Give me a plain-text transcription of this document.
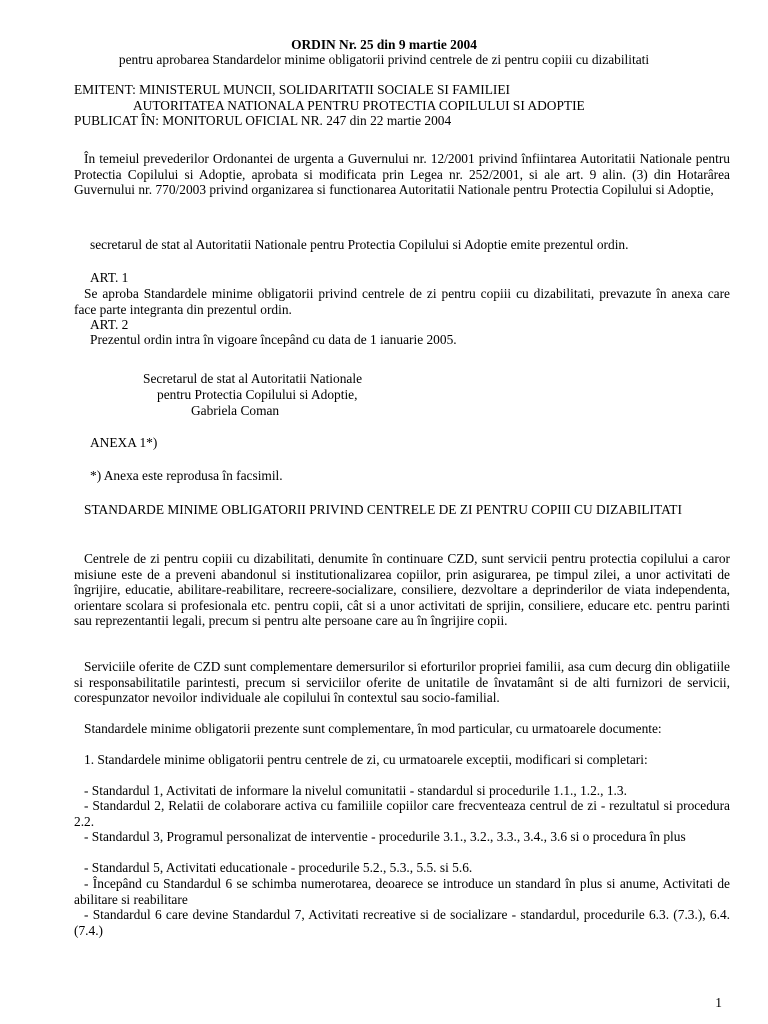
ORDIN Nr. 25 din 9 martie 2004
pentru aprobarea Standardelor minime obligatorii privind centrele de zi pentru copiii cu dizabilitati
EMITENT: MINISTERUL MUNCII, SOLIDARITATII SOCIALE SI FAMILIEI
AUTORITATEA NATIONALA PENTRU PROTECTIA COPILULUI SI ADOPTIE
PUBLICAT ÎN: MONITORUL OFICIAL NR. 247 din 22 martie 2004
În temeiul prevederilor Ordonantei de urgenta a Guvernului nr. 12/2001 privind înfiintarea Autoritatii Nationale pentru Protectia Copilului si Adoptie, aprobata si modificata prin Legea nr. 252/2001, si ale art. 9 alin. (3) din Hotarârea Guvernului nr. 770/2003 privind organizarea si functionarea Autoritatii Nationale pentru Protectia Copilului si Adoptie,
secretarul de stat al Autoritatii Nationale pentru Protectia Copilului si Adoptie emite prezentul ordin.
ART. 1
Se aproba Standardele minime obligatorii privind centrele de zi pentru copiii cu dizabilitati, prevazute în anexa care face parte integranta din prezentul ordin.
ART. 2
Prezentul ordin intra în vigoare începând cu data de 1 ianuarie 2005.
Secretarul de stat al Autoritatii Nationale
pentru Protectia Copilului si Adoptie,
Gabriela Coman
ANEXA 1*)
*) Anexa este reprodusa în facsimil.
STANDARDE MINIME OBLIGATORII PRIVIND CENTRELE DE ZI PENTRU COPIII CU DIZABILITATI
Centrele de zi pentru copiii cu dizabilitati, denumite în continuare CZD, sunt servicii pentru protectia copilului a caror misiune este de a preveni abandonul si institutionalizarea copiilor, prin asigurarea, pe timpul zilei, a unor activitati de îngrijire, educatie, abilitare-reabilitare, recreere-socializare, consiliere, dezvoltare a deprinderilor de viata independenta, orientare scolara si profesionala etc. pentru copii, cât si a unor activitati de sprijin, consiliere, educare etc. pentru parinti sau reprezentantii legali, precum si pentru alte persoane care au în îngrijire copii.
Serviciile oferite de CZD sunt complementare demersurilor si eforturilor propriei familii, asa cum decurg din obligatiile si responsabilitatile parintesti, precum si serviciilor oferite de unitatile de învatamânt si de alti furnizori de servicii, corespunzator nevoilor individuale ale copilului în contextul sau socio-familial.
Standardele minime obligatorii prezente sunt complementare, în mod particular, cu urmatoarele documente:
1. Standardele minime obligatorii pentru centrele de zi, cu urmatoarele exceptii, modificari si completari:
- Standardul 1, Activitati de informare la nivelul comunitatii - standardul si procedurile 1.1., 1.2., 1.3.
- Standardul 2, Relatii de colaborare activa cu familiile copiilor care frecventeaza centrul de zi - rezultatul si procedura 2.2.
- Standardul 3, Programul personalizat de interventie - procedurile 3.1., 3.2., 3.3., 3.4., 3.6 si o procedura în plus
- Standardul 5, Activitati educationale - procedurile 5.2., 5.3., 5.5. si 5.6.
- Începând cu Standardul 6 se schimba numerotarea, deoarece se introduce un standard în plus si anume, Activitati de abilitare si reabilitare
- Standardul 6 care devine Standardul 7, Activitati recreative si de socializare - standardul, procedurile 6.3. (7.3.), 6.4. (7.4.)
1
